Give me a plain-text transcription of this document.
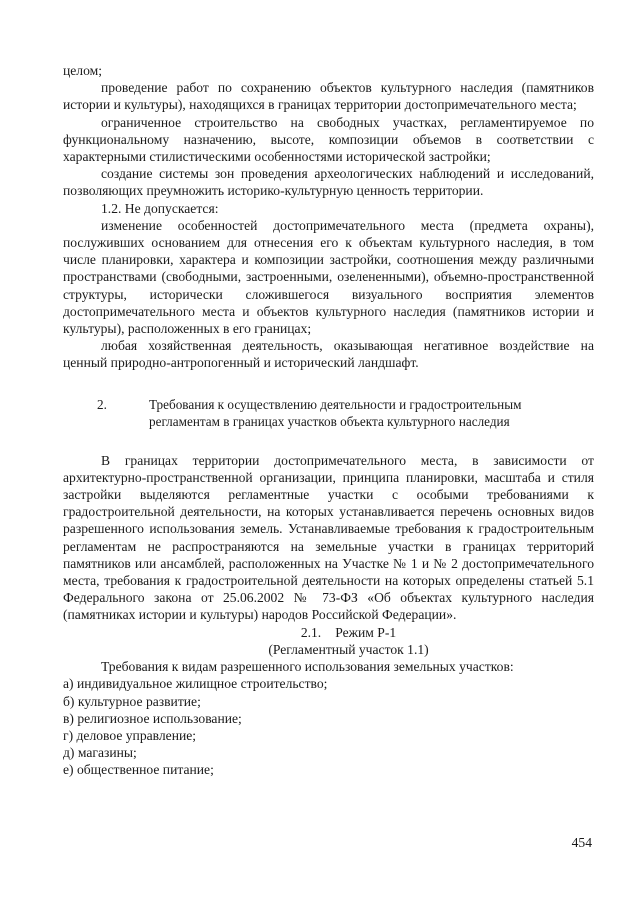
целом;

проведение работ по сохранению объектов культурного наследия (памятников истории и культуры), находящихся в границах территории достопримечательного места;

ограниченное строительство на свободных участках, регламентируемое по функциональному назначению, высоте, композиции объемов в соответствии с характерными стилистическими особенностями исторической застройки;

создание системы зон проведения археологических наблюдений и исследований, позволяющих преумножить историко-культурную ценность территории.

1.2. Не допускается:

изменение особенностей достопримечательного места (предмета охраны), послуживших основанием для отнесения его к объектам культурного наследия, в том числе планировки, характера и композиции застройки, соотношения между различными пространствами (свободными, застроенными, озелененными), объемно-пространственной структуры, исторически сложившегося визуального восприятия элементов достопримечательного места и объектов культурного наследия (памятников истории и культуры), расположенных в его границах;

любая хозяйственная деятельность, оказывающая негативное воздействие на ценный природно-антропогенный и исторический ландшафт.

2.	Требования к осуществлению деятельности и градостроительным
регламентам в границах участков объекта культурного наследия

В границах территории достопримечательного места, в зависимости от архитектурно-пространственной организации, принципа планировки, масштаба и стиля застройки выделяются регламентные участки с особыми требованиями к градостроительной деятельности, на которых устанавливается перечень основных видов разрешенного использования земель. Устанавливаемые требования к градостроительным регламентам не распространяются на земельные участки в границах территорий памятников или ансамблей, расположенных на Участке № 1 и № 2 достопримечательного места, требования к градостроительной деятельности на которых определены статьей 5.1 Федерального закона от 25.06.2002 № 73-ФЗ «Об объектах культурного наследия (памятниках истории и культуры) народов Российской Федерации».

2.1. Режим Р-1
(Регламентный участок 1.1)

Требования к видам разрешенного использования земельных участков:

а) индивидуальное жилищное строительство;

б) культурное развитие;

в) религиозное использование;

г) деловое управление;

д) магазины;

е) общественное питание;

454
